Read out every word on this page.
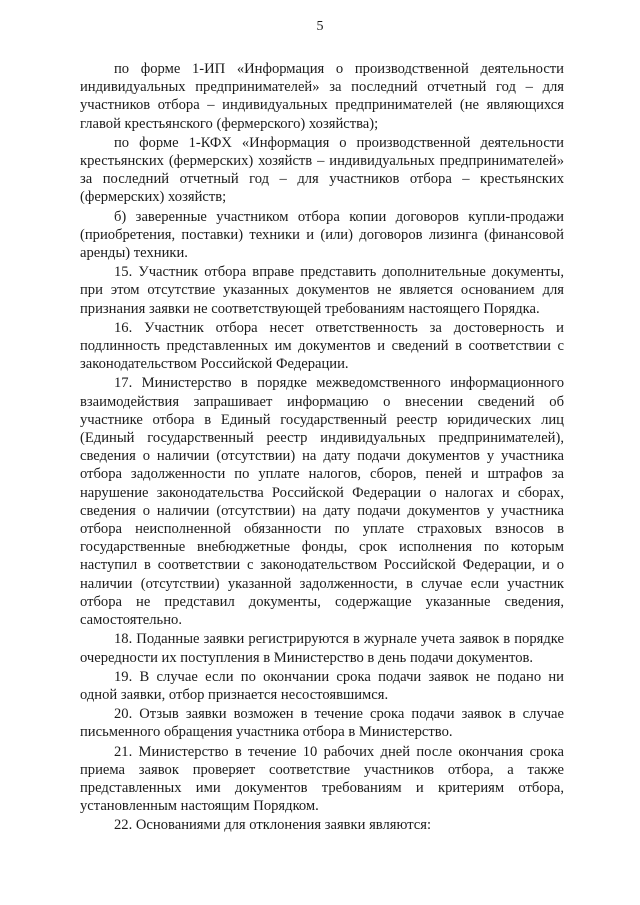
5

по форме 1-ИП «Информация о производственной деятельности индивидуальных предпринимателей» за последний отчетный год – для участников отбора – индивидуальных предпринимателей (не являющихся главой крестьянского (фермерского) хозяйства);

по форме 1-КФХ «Информация о производственной деятельности крестьянских (фермерских) хозяйств – индивидуальных предпринимателей» за последний отчетный год – для участников отбора – крестьянских (фермерских) хозяйств;

б) заверенные участником отбора копии договоров купли-продажи (приобретения, поставки) техники и (или) договоров лизинга (финансовой аренды) техники.

15. Участник отбора вправе представить дополнительные документы, при этом отсутствие указанных документов не является основанием для признания заявки не соответствующей требованиям настоящего Порядка.

16. Участник отбора несет ответственность за достоверность и подлинность представленных им документов и сведений в соответствии с законодательством Российской Федерации.

17. Министерство в порядке межведомственного информационного взаимодействия запрашивает информацию о внесении сведений об участнике отбора в Единый государственный реестр юридических лиц (Единый государственный реестр индивидуальных предпринимателей), сведения о наличии (отсутствии) на дату подачи документов у участника отбора задолженности по уплате налогов, сборов, пеней и штрафов за нарушение законодательства Российской Федерации о налогах и сборах, сведения о наличии (отсутствии) на дату подачи документов у участника отбора неисполненной обязанности по уплате страховых взносов в государственные внебюджетные фонды, срок исполнения по которым наступил в соответствии с законодательством Российской Федерации, и о наличии (отсутствии) указанной задолженности, в случае если участник отбора не представил документы, содержащие указанные сведения, самостоятельно.

18. Поданные заявки регистрируются в журнале учета заявок в порядке очередности их поступления в Министерство в день подачи документов.

19. В случае если по окончании срока подачи заявок не подано ни одной заявки, отбор признается несостоявшимся.

20. Отзыв заявки возможен в течение срока подачи заявок в случае письменного обращения участника отбора в Министерство.

21. Министерство в течение 10 рабочих дней после окончания срока приема заявок проверяет соответствие участников отбора, а также представленных ими документов требованиям и критериям отбора, установленным настоящим Порядком.

22. Основаниями для отклонения заявки являются:
